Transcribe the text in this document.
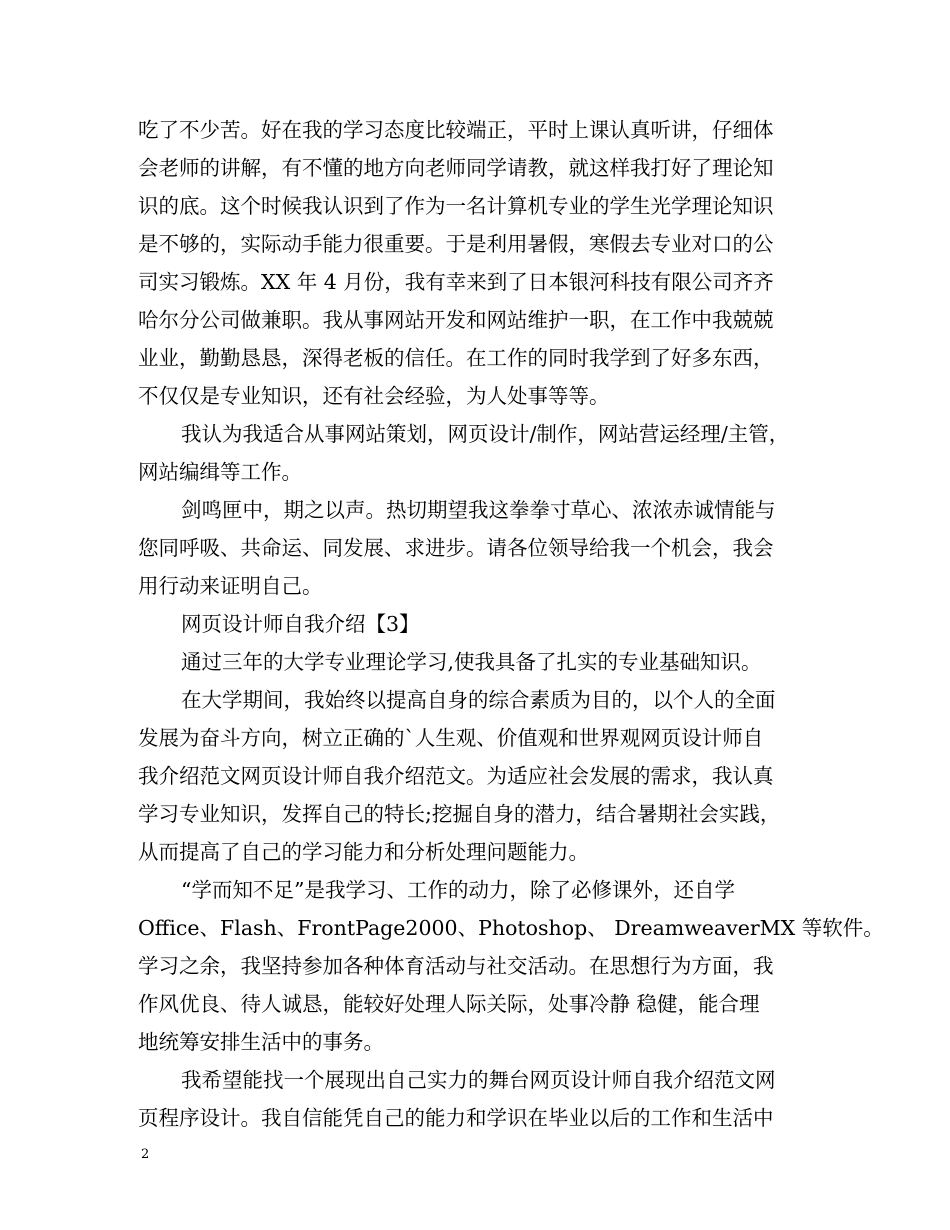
吃了不少苦。好在我的学习态度比较端正，平时上课认真听讲，仔细体

会老师的讲解，有不懂的地方向老师同学请教，就这样我打好了理论知

识的底。这个时候我认识到了作为一名计算机专业的学生光学理论知识

是不够的，实际动手能力很重要。于是利用暑假，寒假去专业对口的公

司实习锻炼。XX 年 4 月份，我有幸来到了日本银河科技有限公司齐齐

哈尔分公司做兼职。我从事网站开发和网站维护一职，在工作中我兢兢

业业，勤勤恳恳，深得老板的信任。在工作的同时我学到了好多东西，

不仅仅是专业知识，还有社会经验，为人处事等等。

我认为我适合从事网站策划，网页设计/制作，网站营运经理/主管，

网站编缉等工作。

剑鸣匣中，期之以声。热切期望我这拳拳寸草心、浓浓赤诚情能与

您同呼吸、共命运、同发展、求进步。请各位领导给我一个机会，我会

用行动来证明自己。

网页设计师自我介绍【3】

通过三年的大学专业理论学习,使我具备了扎实的专业基础知识。

在大学期间，我始终以提高自身的综合素质为目的，以个人的全面

发展为奋斗方向，树立正确的`人生观、价值观和世界观网页设计师自

我介绍范文网页设计师自我介绍范文。为适应社会发展的需求，我认真

学习专业知识，发挥自己的特长;挖掘自身的潜力，结合暑期社会实践，

从而提高了自己的学习能力和分析处理问题能力。

“学而知不足”是我学习、工作的动力，除了必修课外，还自学

Office、Flash、FrontPage2000、Photoshop、 DreamweaverMX 等软件。

学习之余，我坚持参加各种体育活动与社交活动。在思想行为方面，我

作风优良、待人诚恳，能较好处理人际关际，处事冷静 稳健，能合理

地统筹安排生活中的事务。

我希望能找一个展现出自己实力的舞台网页设计师自我介绍范文网

页程序设计。我自信能凭自己的能力和学识在毕业以后的工作和生活中

2
